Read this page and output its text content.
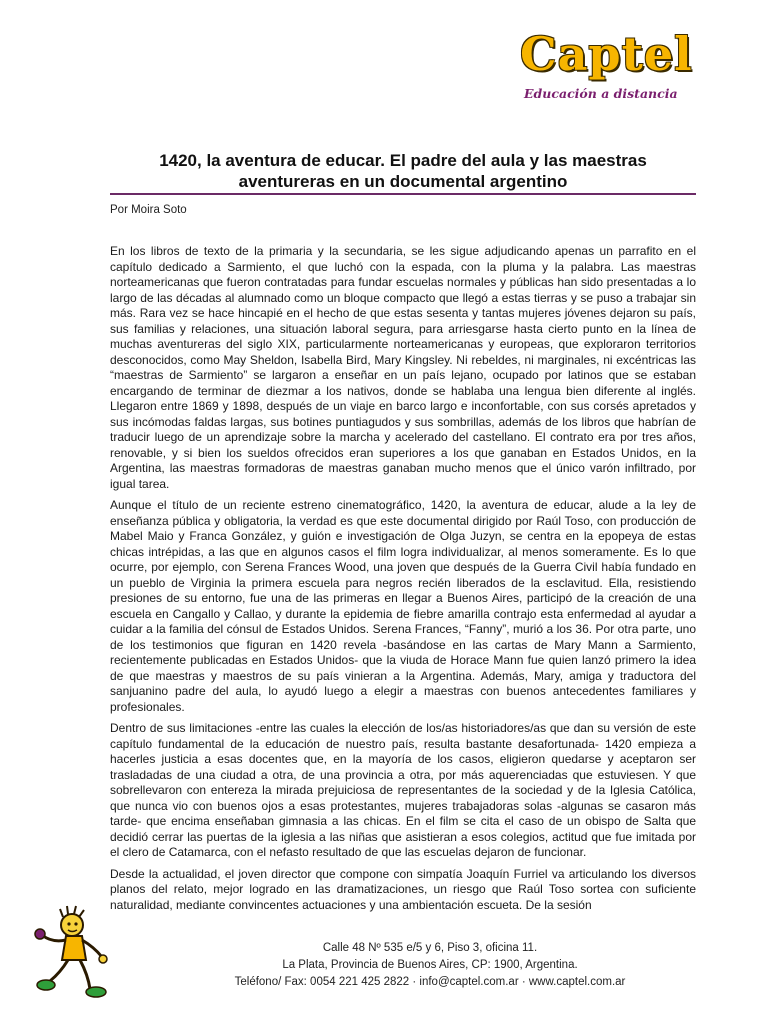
Captel
Educación a distancia
1420, la aventura de educar. El padre del aula y las maestras aventureras en un documental argentino
Por Moira Soto

En los libros de texto de la primaria y la secundaria, se les sigue adjudicando apenas un parrafito en el capítulo dedicado a Sarmiento, el que luchó con la espada, con la pluma y la palabra. Las maestras norteamericanas que fueron contratadas para fundar escuelas normales y públicas han sido presentadas a lo largo de las décadas al alumnado como un bloque compacto que llegó a estas tierras y se puso a trabajar sin más. Rara vez se hace hincapié en el hecho de que estas sesenta y tantas mujeres jóvenes dejaron su país, sus familias y relaciones, una situación laboral segura, para arriesgarse hasta cierto punto en la línea de muchas aventureras del siglo XIX, particularmente norteamericanas y europeas, que exploraron territorios desconocidos, como May Sheldon, Isabella Bird, Mary Kingsley. Ni rebeldes, ni marginales, ni excéntricas las “maestras de Sarmiento” se largaron a enseñar en un país lejano, ocupado por latinos que se estaban encargando de terminar de diezmar a los nativos, donde se hablaba una lengua bien diferente al inglés. Llegaron entre 1869 y 1898, después de un viaje en barco largo e inconfortable, con sus corsés apretados y sus incómodas faldas largas, sus botines puntiagudos y sus sombrillas, además de los libros que habrían de traducir luego de un aprendizaje sobre la marcha y acelerado del castellano. El contrato era por tres años, renovable, y si bien los sueldos ofrecidos eran superiores a los que ganaban en Estados Unidos, en la Argentina, las maestras formadoras de maestras ganaban mucho menos que el único varón infiltrado, por igual tarea.

Aunque el título de un reciente estreno cinematográfico, 1420, la aventura de educar, alude a la ley de enseñanza pública y obligatoria, la verdad es que este documental dirigido por Raúl Toso, con producción de Mabel Maio y Franca González, y guión e investigación de Olga Juzyn, se centra en la epopeya de estas chicas intrépidas, a las que en algunos casos el film logra individualizar, al menos someramente. Es lo que ocurre, por ejemplo, con Serena Frances Wood, una joven que después de la Guerra Civil había fundado en un pueblo de Virginia la primera escuela para negros recién liberados de la esclavitud. Ella, resistiendo presiones de su entorno, fue una de las primeras en llegar a Buenos Aires, participó de la creación de una escuela en Cangallo y Callao, y durante la epidemia de fiebre amarilla contrajo esta enfermedad al ayudar a cuidar a la familia del cónsul de Estados Unidos. Serena Frances, “Fanny”, murió a los 36. Por otra parte, uno de los testimonios que figuran en 1420 revela -basándose en las cartas de Mary Mann a Sarmiento, recientemente publicadas en Estados Unidos- que la viuda de Horace Mann fue quien lanzó primero la idea de que maestras y maestros de su país vinieran a la Argentina. Además, Mary, amiga y traductora del sanjuanino padre del aula, lo ayudó luego a elegir a maestras con buenos antecedentes familiares y profesionales.

Dentro de sus limitaciones -entre las cuales la elección de los/as historiadores/as que dan su versión de este capítulo fundamental de la educación de nuestro país, resulta bastante desafortunada- 1420 empieza a hacerles justicia a esas docentes que, en la mayoría de los casos, eligieron quedarse y aceptaron ser trasladadas de una ciudad a otra, de una provincia a otra, por más aquerenciadas que estuviesen. Y que sobrellevaron con entereza la mirada prejuiciosa de representantes de la sociedad y de la Iglesia Católica, que nunca vio con buenos ojos a esas protestantes, mujeres trabajadoras solas -algunas se casaron más tarde- que encima enseñaban gimnasia a las chicas. En el film se cita el caso de un obispo de Salta que decidió cerrar las puertas de la iglesia a las niñas que asistieran a esos colegios, actitud que fue imitada por el clero de Catamarca, con el nefasto resultado de que las escuelas dejaron de funcionar.

Desde la actualidad, el joven director que compone con simpatía Joaquín Furriel va articulando los diversos planos del relato, mejor logrado en las dramatizaciones, un riesgo que Raúl Toso sortea con suficiente naturalidad, mediante convincentes actuaciones y una ambientación escueta. De la sesión

Calle 48 Nº 535 e/5 y 6, Piso 3, oficina 11.
La Plata, Provincia de Buenos Aires, CP: 1900, Argentina.
Teléfono/ Fax: 0054 221 425 2822 · info@captel.com.ar · www.captel.com.ar
